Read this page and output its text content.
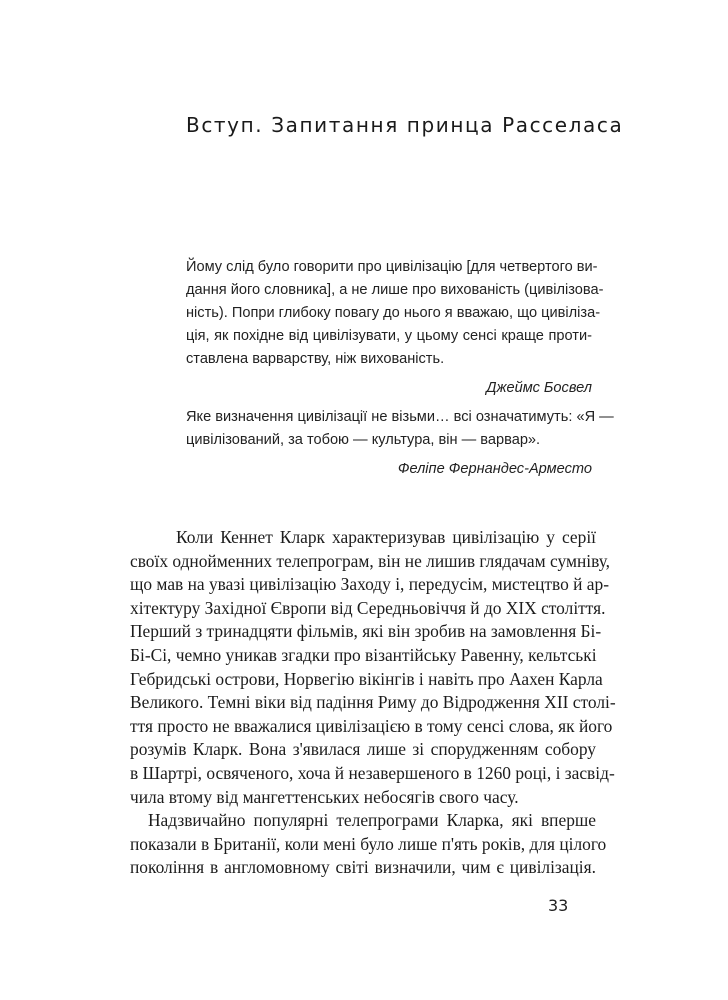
Вступ. Запитання принца Расселаса
Йому слід було говорити про цивілізацію [для четвертого ви-
дання його словника], а не лише про вихованість (цивілізова-
ність). Попри глибоку повагу до нього я вважаю, що цивіліза-
ція, як похідне від цивілізувати, у цьому сенсі краще проти-
ставлена варварству, ніж вихованість.
Джеймс Босвел
Яке визначення цивілізації не візьми… всі означатимуть: «Я —
цивілізований, за тобою — культура, він — варвар».
Феліпе Фернандес-Арместо
Коли Кеннет Кларк характеризував цивілізацію у серії
своїх однойменних телепрограм, він не лишив глядачам сумніву,
що мав на увазі цивілізацію Заходу і, передусім, мистецтво й ар-
хітектуру Західної Європи від Середньовіччя й до XIX століття.
Перший з тринадцяти фільмів, які він зробив на замовлення Бі-
Бі-Сі, чемно уникав згадки про візантійську Равенну, кельтські
Гебридські острови, Норвегію вікінгів і навіть про Аахен Карла
Великого. Темні віки від падіння Риму до Відродження XII столі-
ття просто не вважалися цивілізацією в тому сенсі слова, як його
розумів Кларк. Вона з'явилася лише зі спорудженням собору
в Шартрі, освяченого, хоча й незавершеного в 1260 році, і засвід-
чила втому від мангеттенських небосягів свого часу.
Надзвичайно популярні телепрограми Кларка, які вперше
показали в Британії, коли мені було лише п'ять років, для цілого
покоління в англомовному світі визначили, чим є цивілізація.
33
